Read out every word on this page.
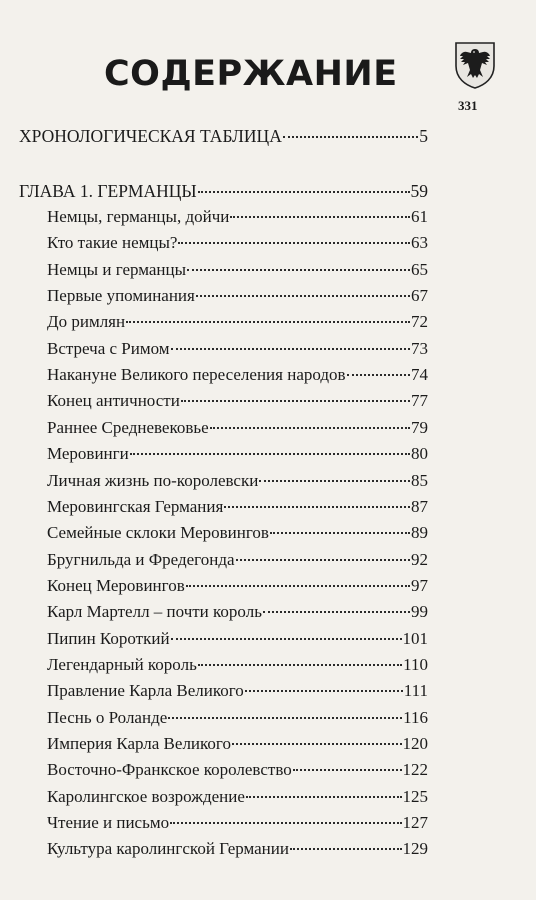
СОДЕРЖАНИЕ
331
ХРОНОЛОГИЧЕСКАЯ ТАБЛИЦА	5
ГЛАВА 1. ГЕРМАНЦЫ	59
Немцы, германцы, дойчи	61
Кто такие немцы?	63
Немцы и германцы	65
Первые упоминания	67
До римлян	72
Встреча с Римом	73
Накануне Великого переселения народов	74
Конец античности	77
Раннее Средневековье	79
Меровинги	80
Личная жизнь по-королевски	85
Меровингская Германия	87
Семейные склоки Меровингов	89
Бругнильда и Фредегонда	92
Конец Меровингов	97
Карл Мартелл – почти король	99
Пипин Короткий	101
Легендарный король	110
Правление Карла Великого	111
Песнь о Роланде	116
Империя Карла Великого	120
Восточно-Франкское королевство	122
Каролингское возрождение	125
Чтение и письмо	127
Культура каролингской Германии	129
